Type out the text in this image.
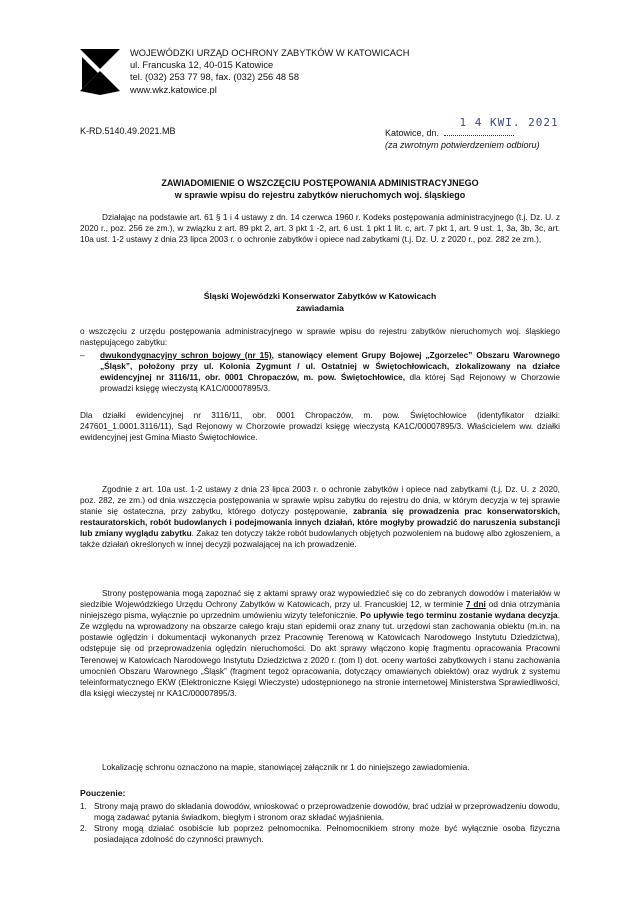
WOJEWÓDZKI URZĄD OCHRONY ZABYTKÓW W KATOWICACH
ul. Francuska 12, 40-015 Katowice
tel. (032) 253 77 98, fax. (032) 256 48 58
www.wkz.katowice.pl
K-RD.5140.49.2021.MB	Katowice, dn.
1 4 KWI. 2021
(za zwrotnym potwierdzeniem odbioru)
ZAWIADOMIENIE O WSZCZĘCIU POSTĘPOWANIA ADMINISTRACYJNEGO
w sprawie wpisu do rejestru zabytków nieruchomych woj. śląskiego
Działając na podstawie art. 61 § 1 i 4 ustawy z dn. 14 czerwca 1960 r. Kodeks postępowania administracyjnego (t.j. Dz. U. z 2020 r., poz. 256 ze zm.), w związku z art. 89 pkt 2, art. 3 pkt 1 -2, art. 6 ust. 1 pkt 1 lit. c, art. 7 pkt 1, art. 9 ust. 1, 3a, 3b, 3c, art. 10a ust. 1-2 ustawy z dnia 23 lipca 2003 r. o ochronie zabytków i opiece nad zabytkami (t.j. Dz. U. z 2020 r., poz. 282 ze zm.),
Śląski Wojewódzki Konserwator Zabytków w Katowicach
zawiadamia
o wszczęciu z urzędu postępowania administracyjnego w sprawie wpisu do rejestru zabytków nieruchomych woj. śląskiego następującego zabytku:
–	dwukondygnacyjny schron bojowy (nr 15), stanowiący element Grupy Bojowej „Zgorzelec” Obszaru Warownego „Śląsk”, położony przy ul. Kolonia Zygmunt / ul. Ostatniej w Świętochłowicach, zlokalizowany na działce ewidencyjnej nr 3116/11, obr. 0001 Chropaczów, m. pow. Świętochłowice, dla której Sąd Rejonowy w Chorzowie prowadzi księgę wieczystą KA1C/00007895/3.
Dla działki ewidencyjnej nr 3116/11, obr. 0001 Chropaczów, m. pow. Świętochłowice (identyfikator działki: 247601_1.0001.3116/11), Sąd Rejonowy w Chorzowie prowadzi księgę wieczystą KA1C/00007895/3. Właścicielem ww. działki ewidencyjnej jest Gmina Miasto Świętochłowice.
Zgodnie z art. 10a ust. 1-2 ustawy z dnia 23 lipca 2003 r. o ochronie zabytków i opiece nad zabytkami (t.j. Dz. U. z 2020, poz. 282, ze zm.) od dnia wszczęcia postępowania w sprawie wpisu zabytku do rejestru do dnia, w którym decyzja w tej sprawie stanie się ostateczna, przy zabytku, którego dotyczy postępowanie, zabrania się prowadzenia prac konserwatorskich, restauratorskich, robót budowlanych i podejmowania innych działań, które mogłyby prowadzić do naruszenia substancji lub zmiany wyglądu zabytku. Zakaz ten dotyczy także robót budowlanych objętych pozwoleniem na budowę albo zgłoszeniem, a także działań określonych w innej decyzji pozwalającej na ich prowadzenie.
Strony postępowania mogą zapoznać się z aktami sprawy oraz wypowiedzieć się co do zebranych dowodów i materiałów w siedzibie Wojewódzkiego Urzędu Ochrony Zabytków w Katowicach, przy ul. Francuskiej 12, w terminie 7 dni od dnia otrzymania niniejszego pisma, wyłącznie po uprzednim umówieniu wizyty telefonicznie. Po upływie tego terminu zostanie wydana decyzja. Ze względu na wprowadzony na obszarze całego kraju stan epidemii oraz znany tut. urzędowi stan zachowania obiektu (m.in. na postawie oględzin i dokumentacji wykonanych przez Pracownię Terenową w Katowicach Narodowego Instytutu Dziedzictwa), odstępuje się od przeprowadzenia oględzin nieruchomości. Do akt sprawy włączono kopię fragmentu opracowania Pracowni Terenowej w Katowicach Narodowego Instytutu Dziedzictwa z 2020 r. (tom I) dot. oceny wartości zabytkowych i stanu zachowania umocnień Obszaru Warownego „Śląsk” (fragment tegoż opracowania, dotyczący omawianych obiektów) oraz wydruk z systemu teleinformatycznego EKW (Elektroniczne Księgi Wieczyste) udostępnionego na stronie internetowej Ministerstwa Sprawiedliwości, dla księgi wieczystej nr KA1C/00007895/3.
Lokalizację schronu oznaczono na mapie, stanowiącej załącznik nr 1 do niniejszego zawiadomienia.
Pouczenie:
1. Strony mają prawo do składania dowodów, wnioskować o przeprowadzenie dowodów, brać udział w przeprowadzeniu dowodu, mogą zadawać pytania świadkom, biegłym i stronom oraz składać wyjaśnienia.
2. Strony mogą działać osobiście lub poprzez pełnomocnika. Pełnomocnikiem strony może być wyłącznie osoba fizyczna posiadająca zdolność do czynności prawnych.
